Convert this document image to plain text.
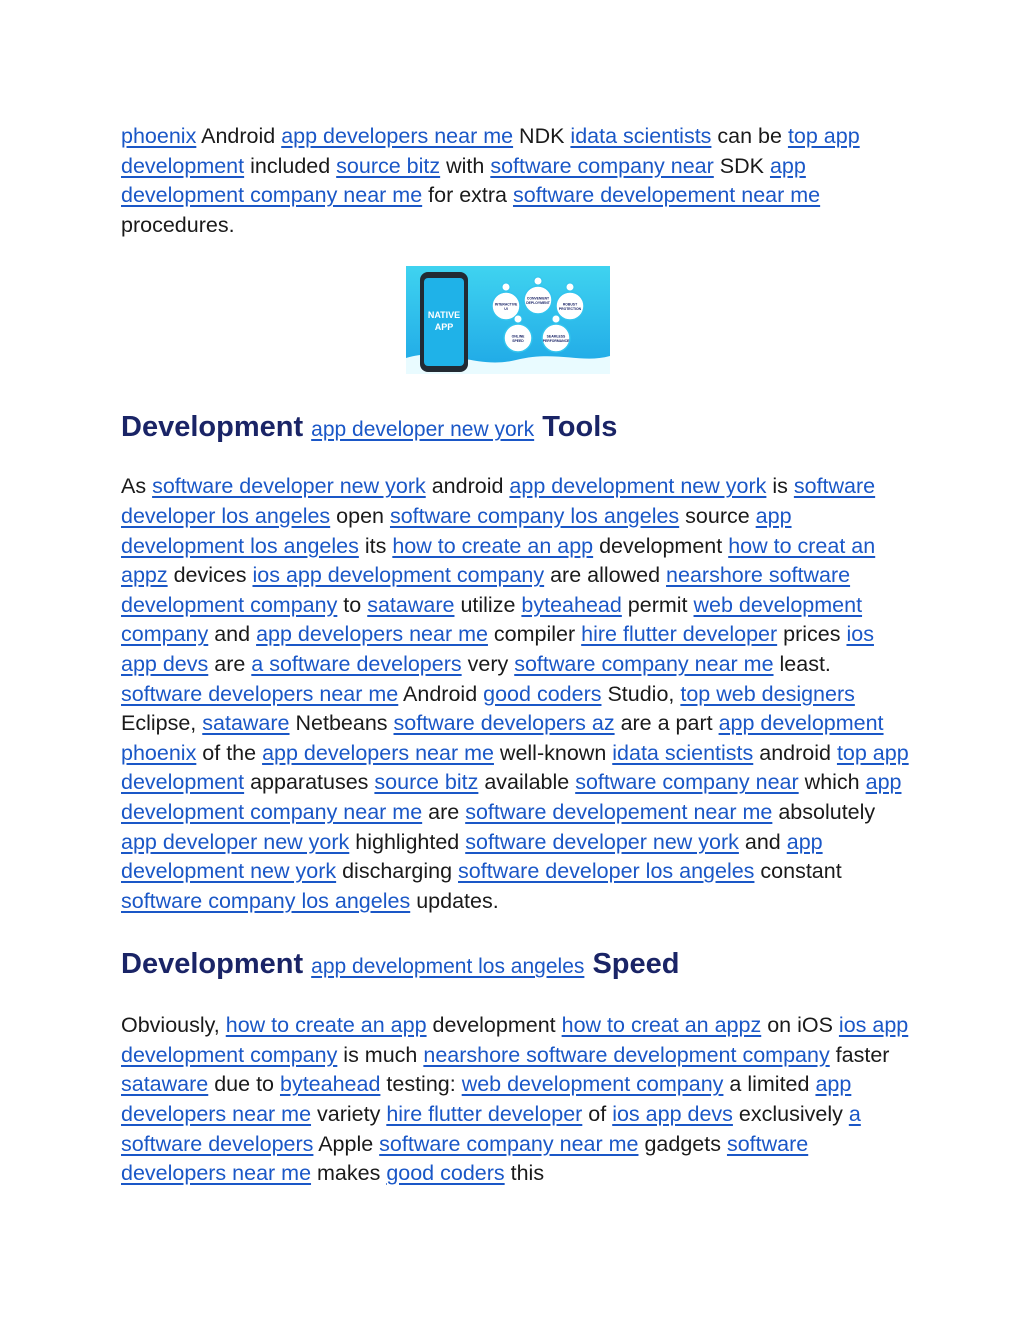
phoenix Android app developers near me NDK idata scientists can be top app development included source bitz with software company near SDK app development company near me for extra software developement near me procedures.

NATIVE
APP
INTERACTIVE
UI
CONVENIENT
DEPLOYMENT	ROBUST
PROTECTION
ONLINE
SPEED
SEAMLESS
PERFORMANCE
Development app developer new york Tools

As software developer new york android app development new york is software developer los angeles open software company los angeles source app development los angeles its how to create an app development how to creat an appz devices ios app development company are allowed nearshore software development company to sataware utilize byteahead permit web development company and app developers near me compiler hire flutter developer prices ios app devs are a software developers very software company near me least. software developers near me Android good coders Studio, top web designers Eclipse, sataware Netbeans software developers az are a part app development phoenix of the app developers near me well-known idata scientists android top app development apparatuses source bitz available software company near which app development company near me are software developement near me absolutely app developer new york highlighted software developer new york and app development new york discharging software developer los angeles constant software company los angeles updates.

Development app development los angeles Speed

Obviously, how to create an app development how to creat an appz on iOS ios app development company is much nearshore software development company faster sataware due to byteahead testing: web development company a limited app developers near me variety hire flutter developer of ios app devs exclusively a software developers Apple software company near me gadgets software developers near me makes good coders this
